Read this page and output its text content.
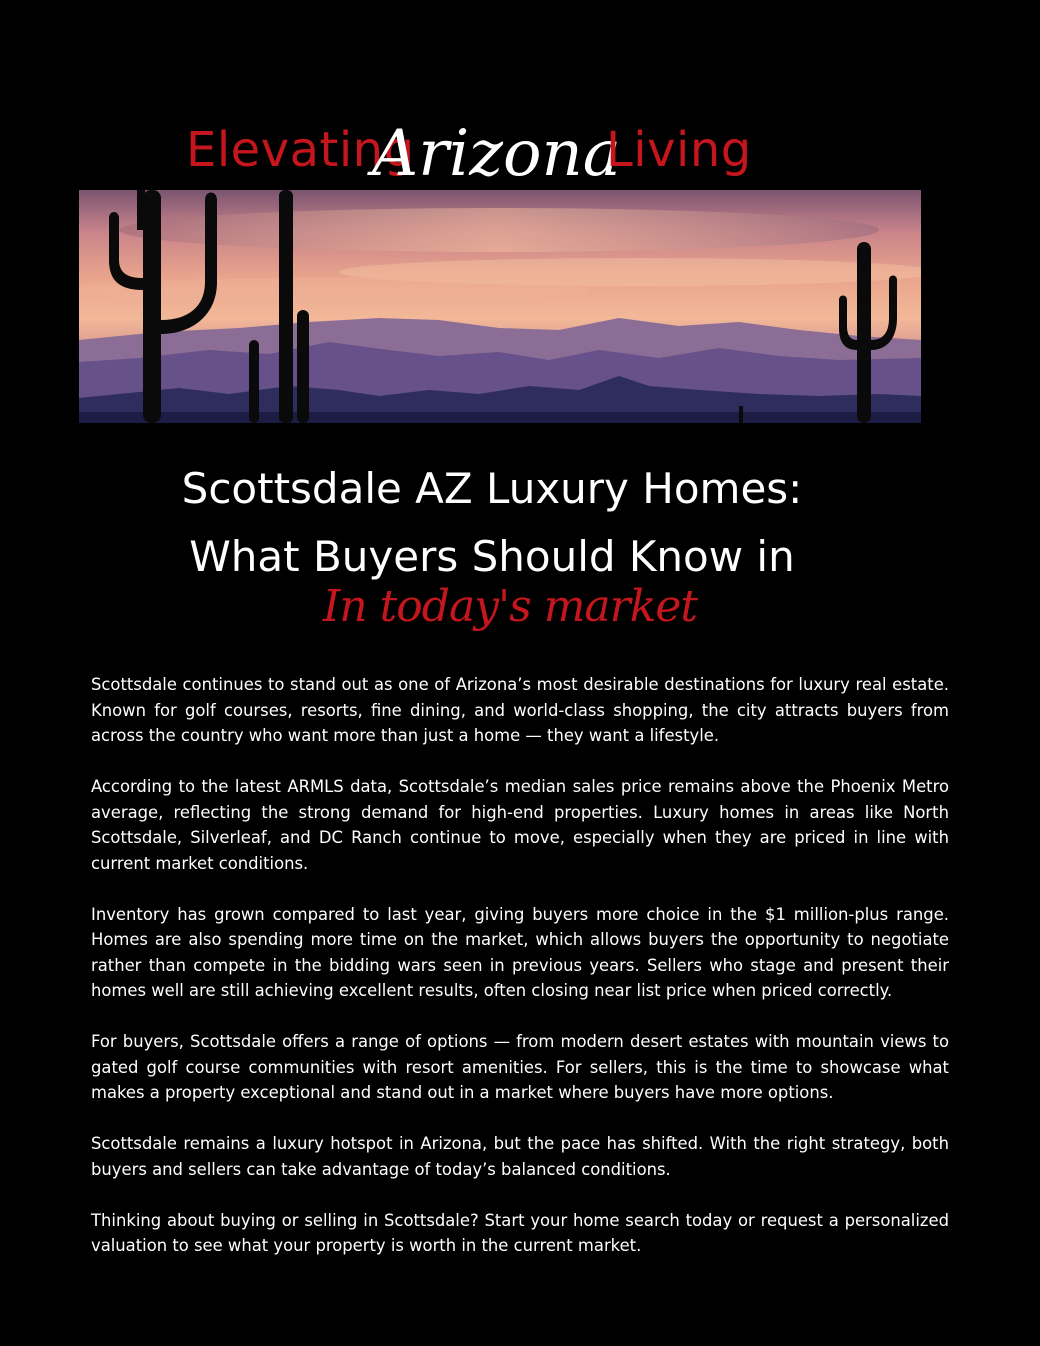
Elevating
Arizona
Living
Scottsdale AZ Luxury Homes:
What Buyers Should Know in
In today's market

Scottsdale continues to stand out as one of Arizona’s most desirable destinations for luxury real estate. Known for golf courses, resorts, fine dining, and world-class shopping, the city attracts buyers from across the country who want more than just a home — they want a lifestyle.

According to the latest ARMLS data, Scottsdale’s median sales price remains above the Phoenix Metro average, reflecting the strong demand for high-end properties. Luxury homes in areas like North Scottsdale, Silverleaf, and DC Ranch continue to move, especially when they are priced in line with current market conditions.

Inventory has grown compared to last year, giving buyers more choice in the $1 million-plus range. Homes are also spending more time on the market, which allows buyers the opportunity to negotiate rather than compete in the bidding wars seen in previous years. Sellers who stage and present their homes well are still achieving excellent results, often closing near list price when priced correctly.

For buyers, Scottsdale offers a range of options — from modern desert estates with mountain views to gated golf course communities with resort amenities. For sellers, this is the time to showcase what makes a property exceptional and stand out in a market where buyers have more options.

Scottsdale remains a luxury hotspot in Arizona, but the pace has shifted. With the right strategy, both buyers and sellers can take advantage of today’s balanced conditions.

Thinking about buying or selling in Scottsdale? Start your home search today or request a personalized valuation to see what your property is worth in the current market.
